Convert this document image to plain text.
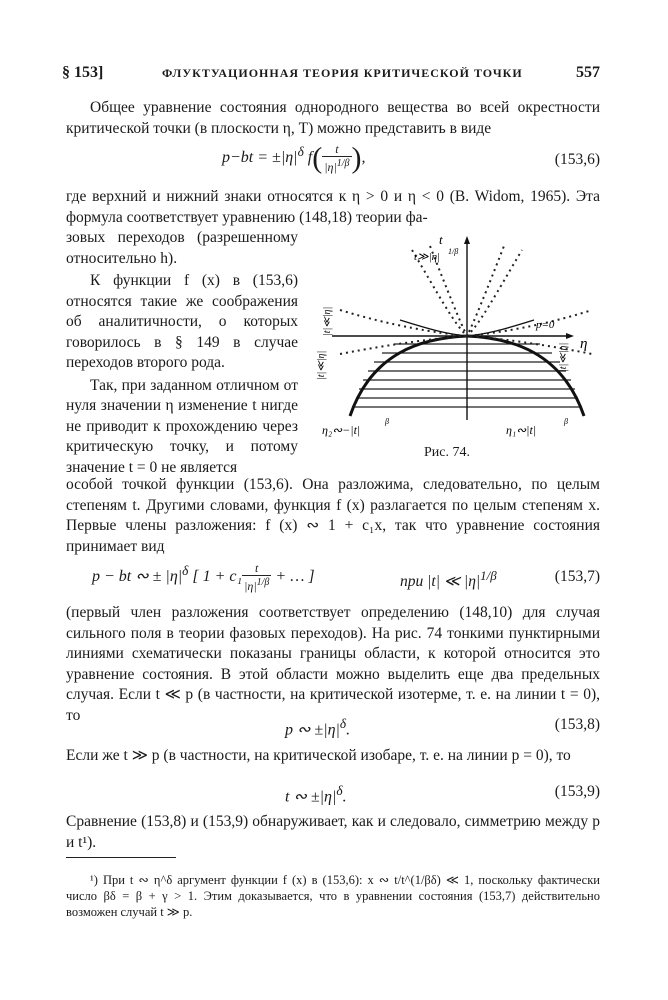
§ 153]	ФЛУКТУАЦИОННАЯ ТЕОРИЯ КРИТИЧЕСКОЙ ТОЧКИ	557

Общее уравнение состояния однородного вещества во всей окрестности критической точки (в плоскости η, T) можно представить в виде

$p-bt = \pm|\eta|^\delta$ $f( \frac{t}{|\eta|^{1/\beta}}$ ),	(153,6)

где верхний и нижний знаки относятся к η > 0 и η < 0 (B. Widom, 1965). Эта формула соответствует уравнению (148,18) теории фа-

зовых переходов (разрешенному относительно h).

К функции f (x) в (153,6) относятся такие же соображения об аналитичности, о которых говорилось в § 149 в случае переходов второго рода.

Так, при заданном отличном от нуля значении η изменение t нигде не приводит к прохождению через критическую точку, и потому значение t = 0 не является

t
t≫|η| 1/β
η
p=0
|t|≪|η|
|t|≪|η|	|t|≪|η|
η₂∾−|t|
β
η₁∾|t|
β
Рис. 74.

особой точкой функции (153,6). Она разложима, следовательно, по целым степеням t. Другими словами, функция f (x) разлагается по целым степеням x. Первые члены разложения: f (x) ∾ 1 + c₁x, так что уравнение состояния принимает вид

p − bt ∾ ± $|\eta|^\delta$ [ $1 + c_1 \frac{t}{|\eta|^{1/\beta}}$ + … ]	при |t| ≪ $|\eta|^{1/\beta}$	(153,7)

(первый член разложения соответствует определению (148,10) для случая сильного поля в теории фазовых переходов). На рис. 74 тонкими пунктирными линиями схематически показаны границы области, к которой относится это уравнение состояния. В этой области можно выделить еще два предельных случая. Если t ≪ p (в частности, на критической изотерме, т. е. на линии t = 0), то

p ∾ $\pm|\eta|^\delta$.	(153,8)

Если же t ≫ p (в частности, на критической изобаре, т. е. на линии p = 0), то

t ∾ $\pm|\eta|^\delta$.	(153,9)

Сравнение (153,8) и (153,9) обнаруживает, как и следовало, симметрию между p и t¹).

¹) При t ∾ η^δ аргумент функции f (x) в (153,6): x ∾ t/t^(1/βδ) ≪ 1, поскольку фактически число βδ = β + γ > 1. Этим доказывается, что в уравнении состояния (153,7) действительно возможен случай t ≫ p.
